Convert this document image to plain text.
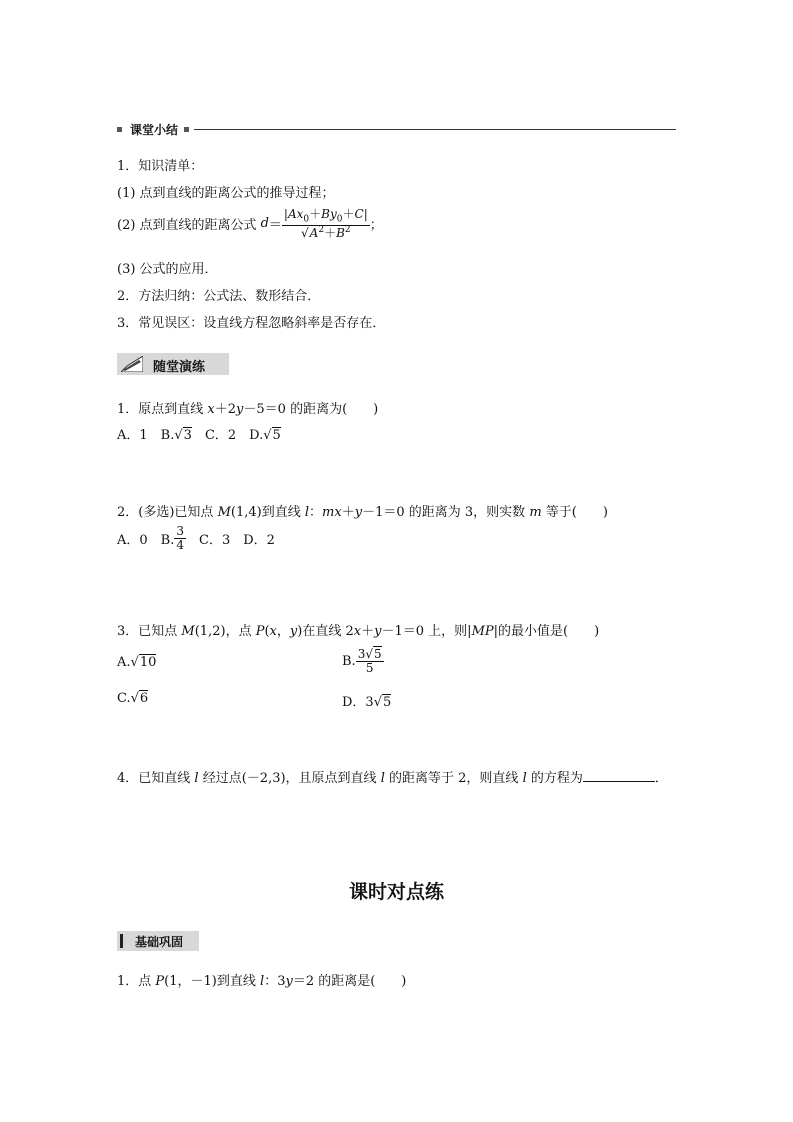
课堂小结
1．知识清单：
(1) 点到直线的距离公式的推导过程；
(2) 点到直线的距离公式 $d = \frac{|Ax_0+By_0+C|}{√A^2+B^2}$ ；
(3) 公式的应用．
2．方法归纳：公式法、数形结合．
3．常见误区：设直线方程忽略斜率是否存在．
随堂演练
1．原点到直线 x＋2y－5＝0 的距离为(　　)
A．1　B.√3　C．2　D.√5
2．(多选)已知点 M(1,4)到直线 l：mx＋y－1＝0 的距离为 3，则实数 m 等于(　　)
A．0　B. $\frac{3}{4}$ 　C．3　D．2
3．已知点 M(1,2)，点 P(x，y)在直线 2x＋y－1＝0 上，则|MP|的最小值是(　　)
A.√10	B. $\frac{3√5}{5}$
C.√6	D．3√5
4．已知直线 l 经过点(－2,3)，且原点到直线 l 的距离等于 2，则直线 l 的方程为	．
课时对点练
基础巩固
1．点 P(1，－1)到直线 l：3y＝2 的距离是(　　)
